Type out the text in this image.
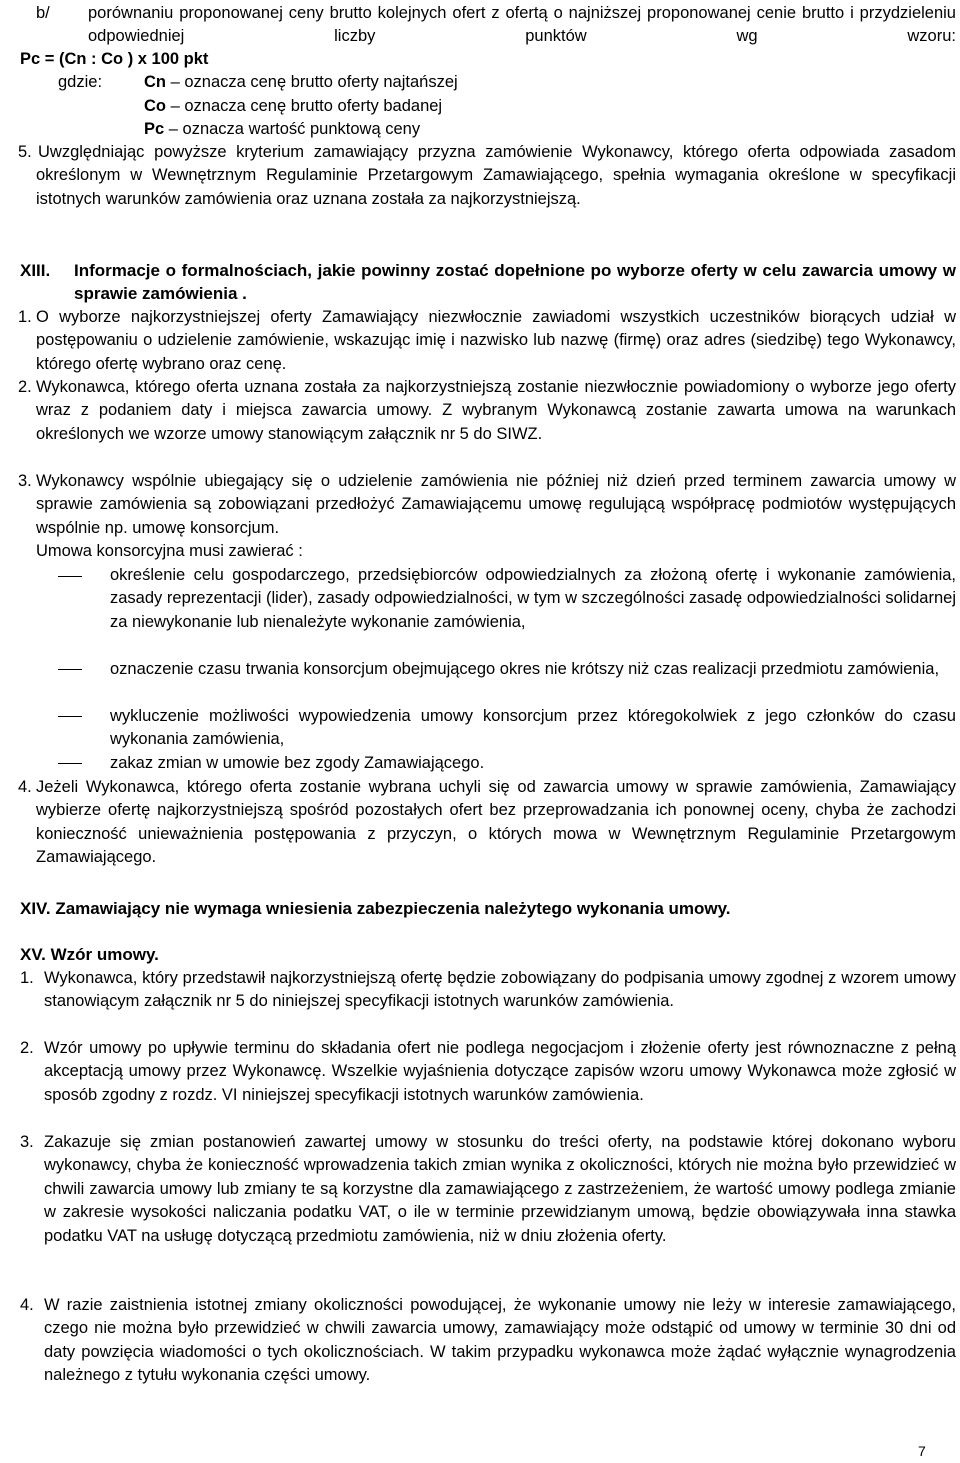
b/ porównaniu proponowanej ceny brutto kolejnych ofert z ofertą o najniższej proponowanej cenie brutto i przydzieleniu odpowiedniej liczby punktów wg wzoru:
Pc = (Cn : Co ) x 100 pkt
gdzie:	Cn – oznacza cenę brutto oferty najtańszej
Co – oznacza cenę brutto oferty badanej
Pc – oznacza wartość punktową ceny
5. Uwzględniając powyższe kryterium zamawiający przyzna zamówienie Wykonawcy, którego oferta odpowiada zasadom określonym w Wewnętrznym Regulaminie Przetargowym Zamawiającego, spełnia wymagania określone w specyfikacji istotnych warunków zamówienia oraz uznana została za najkorzystniejszą.
XIII. Informacje o formalnościach, jakie powinny zostać dopełnione po wyborze oferty w celu zawarcia umowy w sprawie zamówienia .
1. O wyborze najkorzystniejszej oferty Zamawiający niezwłocznie zawiadomi wszystkich uczestników biorących udział w postępowaniu o udzielenie zamówienie, wskazując imię i nazwisko lub nazwę (firmę) oraz adres (siedzibę) tego Wykonawcy, którego ofertę wybrano oraz cenę.
2. Wykonawca, którego oferta uznana została za najkorzystniejszą zostanie niezwłocznie powiadomiony o wyborze jego oferty wraz z podaniem daty i miejsca zawarcia umowy. Z wybranym Wykonawcą zostanie zawarta umowa na warunkach określonych we wzorze umowy stanowiącym załącznik nr 5 do SIWZ.
3. Wykonawcy wspólnie ubiegający się o udzielenie zamówienia nie później niż dzień przed terminem zawarcia umowy w sprawie zamówienia są zobowiązani przedłożyć Zamawiającemu umowę regulującą współpracę podmiotów występujących wspólnie np. umowę konsorcjum.
Umowa konsorcyjna musi zawierać :
określenie celu gospodarczego, przedsiębiorców odpowiedzialnych za złożoną ofertę i wykonanie zamówienia, zasady reprezentacji (lider), zasady odpowiedzialności, w tym w szczególności zasadę odpowiedzialności solidarnej za niewykonanie lub nienależyte wykonanie zamówienia,
oznaczenie czasu trwania konsorcjum obejmującego okres nie krótszy niż czas realizacji przedmiotu zamówienia,
wykluczenie możliwości wypowiedzenia umowy konsorcjum przez któregokolwiek z jego członków do czasu wykonania zamówienia,
zakaz zmian w umowie bez zgody Zamawiającego.
4. Jeżeli Wykonawca, którego oferta zostanie wybrana uchyli się od zawarcia umowy w sprawie zamówienia, Zamawiający wybierze ofertę najkorzystniejszą spośród pozostałych ofert bez przeprowadzania ich ponownej oceny, chyba że zachodzi konieczność unieważnienia postępowania z przyczyn, o których mowa w Wewnętrznym Regulaminie Przetargowym Zamawiającego.
XIV. Zamawiający nie wymaga wniesienia zabezpieczenia należytego wykonania umowy.
XV. Wzór umowy.
1. Wykonawca, który przedstawił najkorzystniejszą ofertę będzie zobowiązany do podpisania umowy zgodnej z wzorem umowy stanowiącym załącznik nr 5 do niniejszej specyfikacji istotnych warunków zamówienia.
2. Wzór umowy po upływie terminu do składania ofert nie podlega negocjacjom i złożenie oferty jest równoznaczne z pełną akceptacją umowy przez Wykonawcę. Wszelkie wyjaśnienia dotyczące zapisów wzoru umowy Wykonawca może zgłosić w sposób zgodny z rozdz. VI niniejszej specyfikacji istotnych warunków zamówienia.
3. Zakazuje się zmian postanowień zawartej umowy w stosunku do treści oferty, na podstawie której dokonano wyboru wykonawcy, chyba że konieczność wprowadzenia takich zmian wynika z okoliczności, których nie można było przewidzieć w chwili zawarcia umowy lub zmiany te są korzystne dla zamawiającego z zastrzeżeniem, że wartość umowy podlega zmianie w zakresie wysokości naliczania podatku VAT, o ile w terminie przewidzianym umową, będzie obowiązywała inna stawka podatku VAT na usługę dotyczącą przedmiotu zamówienia, niż w dniu złożenia oferty.
4. W razie zaistnienia istotnej zmiany okoliczności powodującej, że wykonanie umowy nie leży w interesie zamawiającego, czego nie można było przewidzieć w chwili zawarcia umowy, zamawiający może odstąpić od umowy w terminie 30 dni od daty powzięcia wiadomości o tych okolicznościach. W takim przypadku wykonawca może żądać wyłącznie wynagrodzenia należnego z tytułu wykonania części umowy.
7
